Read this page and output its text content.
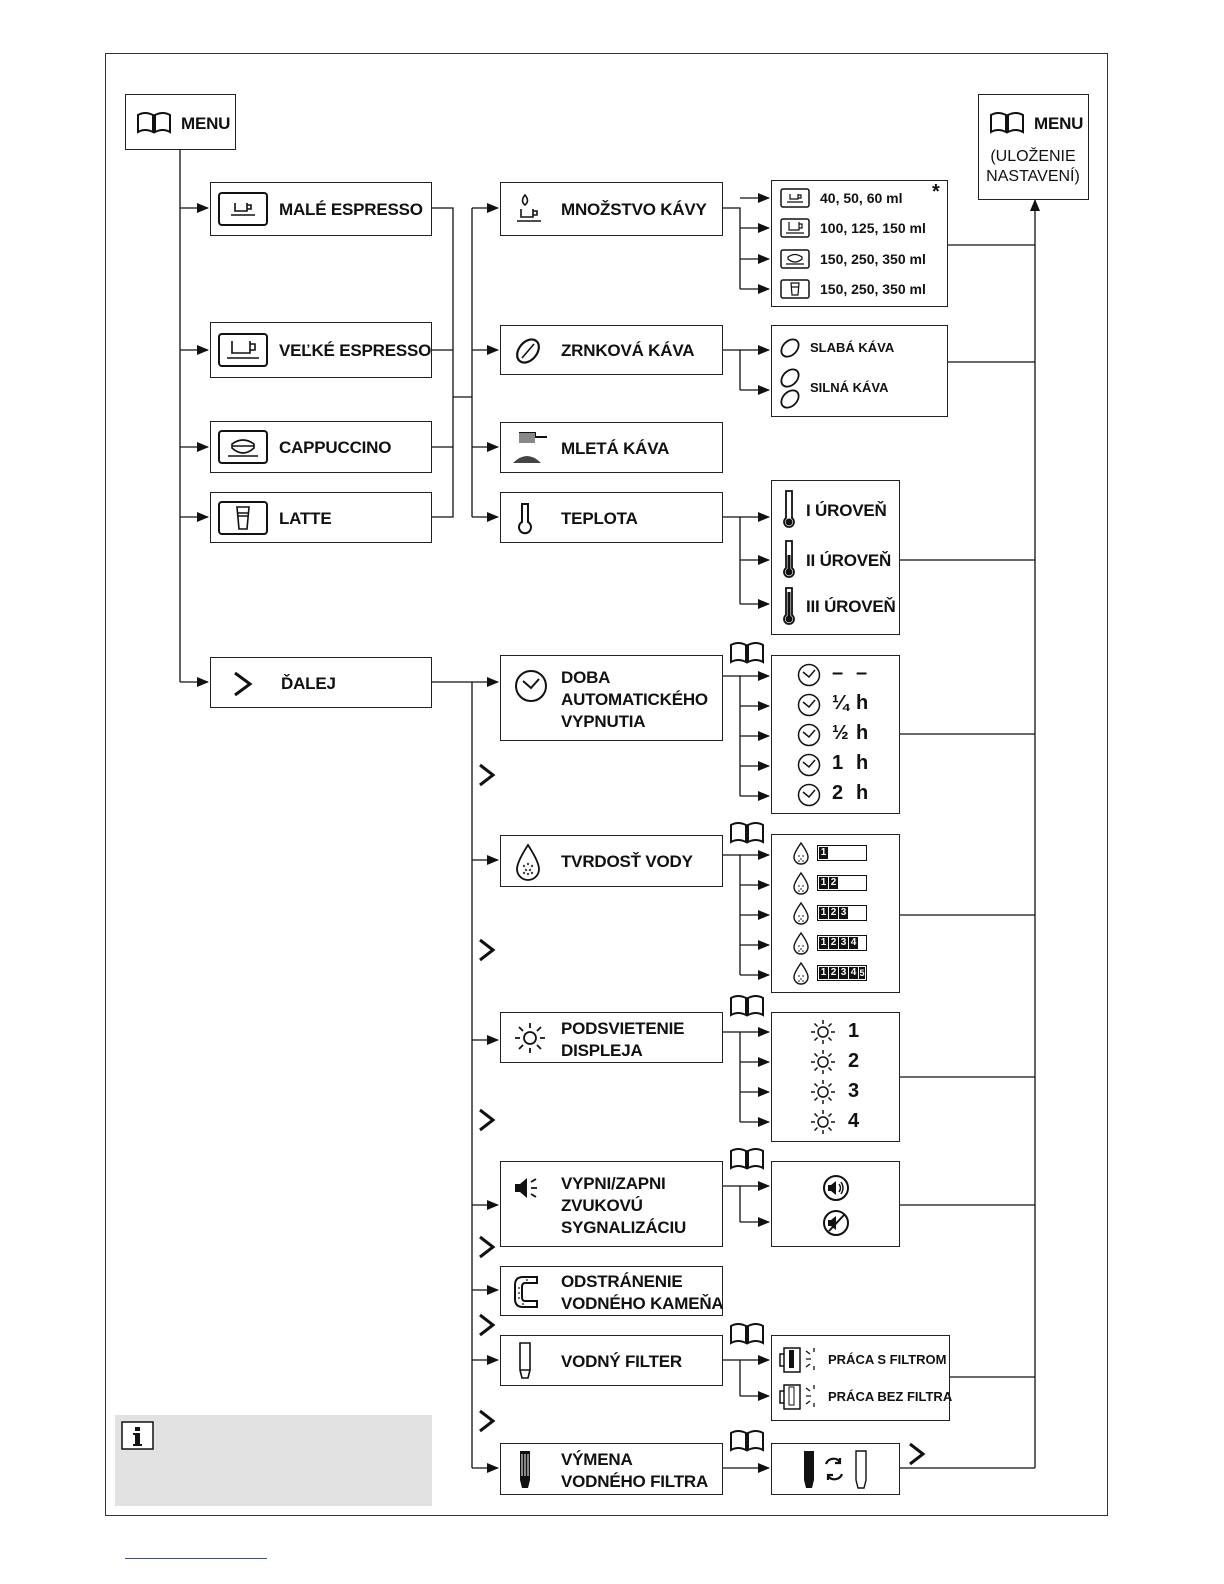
MENU	MENU
(ULOŽENIE
NASTAVENÍ)
MALÉ ESPRESSO
VEĽKÉ ESPRESSO
CAPPUCCINO
LATTE
ĎALEJ
MNOŽSTVO KÁVY
ZRNKOVÁ KÁVA
MLETÁ KÁVA
TEPLOTA
*
40, 50, 60 ml
100, 125, 150 ml
150, 250, 350 ml
150, 250, 350 ml
SLABÁ KÁVA
SILNÁ KÁVA
I ÚROVEŇ
II ÚROVEŇ
III ÚROVEŇ
DOBA
AUTOMATICKÉHO
VYPNUTIA
TVRDOSŤ VODY
PODSVIETENIE
DISPLEJA
VYPNI/ZAPNI
ZVUKOVÚ
SYGNALIZÁCIU
ODSTRÁNENIE
VODNÉHO KAMEŇA
VODNÝ FILTER
VÝMENA
VODNÉHO FILTRA
– –
¼ h
½ h
1 h
2 h
1
1 2
1 2 3
1 2 3 4
1 2 3 4 5
1
2
3
4
PRÁCA S FILTROM
PRÁCA BEZ FILTRA
